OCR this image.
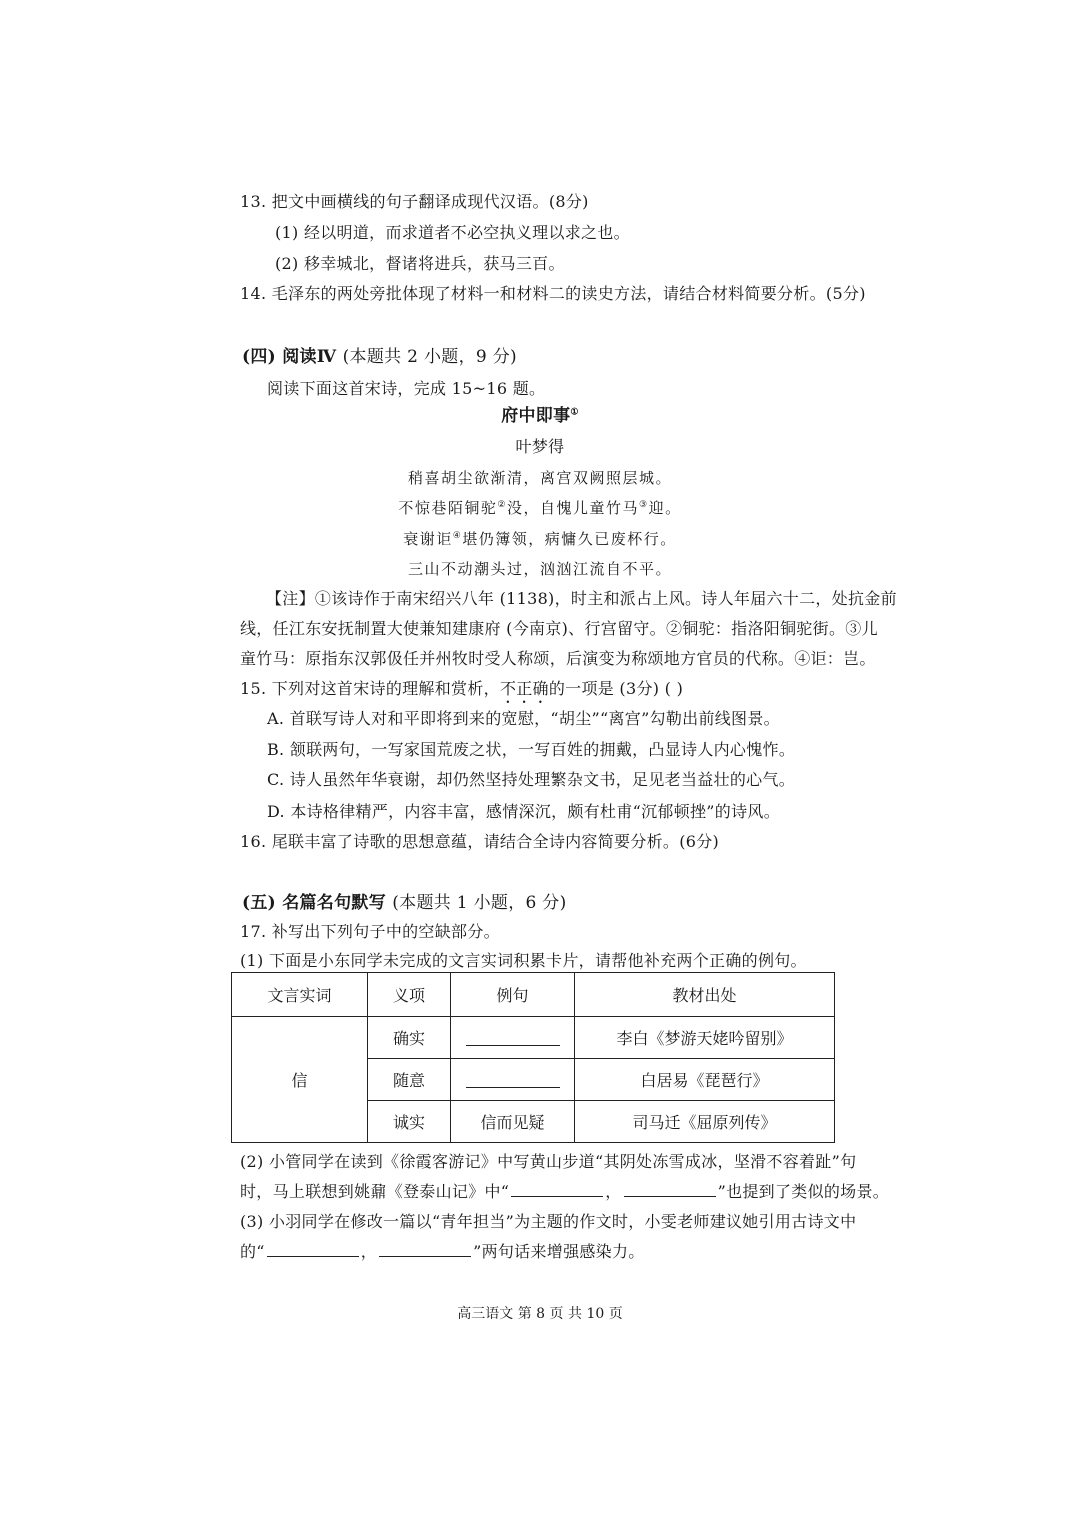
13. 把文中画横线的句子翻译成现代汉语。(8分)
(1) 经以明道，而求道者不必空执义理以求之也。
(2) 移幸城北，督诸将进兵，获马三百。
14. 毛泽东的两处旁批体现了材料一和材料二的读史方法，请结合材料简要分析。(5分)
(四) 阅读Ⅳ (本题共 2 小题，9 分)
阅读下面这首宋诗，完成 15~16 题。
府中即事①
叶梦得
稍喜胡尘欲渐清，离宫双阙照层城。
不惊巷陌铜驼②没，自愧儿童竹马③迎。
衰谢讵④堪仍簿领，病慵久已废杯行。
三山不动潮头过，汹汹江流自不平。
【注】①该诗作于南宋绍兴八年 (1138)，时主和派占上风。诗人年届六十二，处抗金前
线，任江东安抚制置大使兼知建康府 (今南京)、行宫留守。②铜驼：指洛阳铜驼街。③儿
童竹马：原指东汉郭伋任并州牧时受人称颂，后演变为称颂地方官员的代称。④讵：岂。
15. 下列对这首宋诗的理解和赏析，不正确的一项是 (3分) ( )
A. 首联写诗人对和平即将到来的宽慰，“胡尘”“离宫”勾勒出前线图景。
B. 颔联两句，一写家国荒废之状，一写百姓的拥戴，凸显诗人内心愧怍。
C. 诗人虽然年华衰谢，却仍然坚持处理繁杂文书，足见老当益壮的心气。
D. 本诗格律精严，内容丰富，感情深沉，颇有杜甫“沉郁顿挫”的诗风。
16. 尾联丰富了诗歌的思想意蕴，请结合全诗内容简要分析。(6分)
(五) 名篇名句默写 (本题共 1 小题，6 分)
17. 补写出下列句子中的空缺部分。
(1) 下面是小东同学未完成的文言实词积累卡片，请帮他补充两个正确的例句。
文言实词	义项	例句	教材出处
信	确实		李白《梦游天姥吟留别》
	随意		白居易《琵琶行》
	诚实	信而见疑	司马迁《屈原列传》
(2) 小管同学在读到《徐霞客游记》中写黄山步道“其阴处冻雪成冰，坚滑不容着趾”句
时，马上联想到姚鼐《登泰山记》中“	，	”也提到了类似的场景。
(3) 小羽同学在修改一篇以“青年担当”为主题的作文时，小雯老师建议她引用古诗文中
的“	，	”两句话来增强感染力。
高三语文 第 8 页 共 10 页
